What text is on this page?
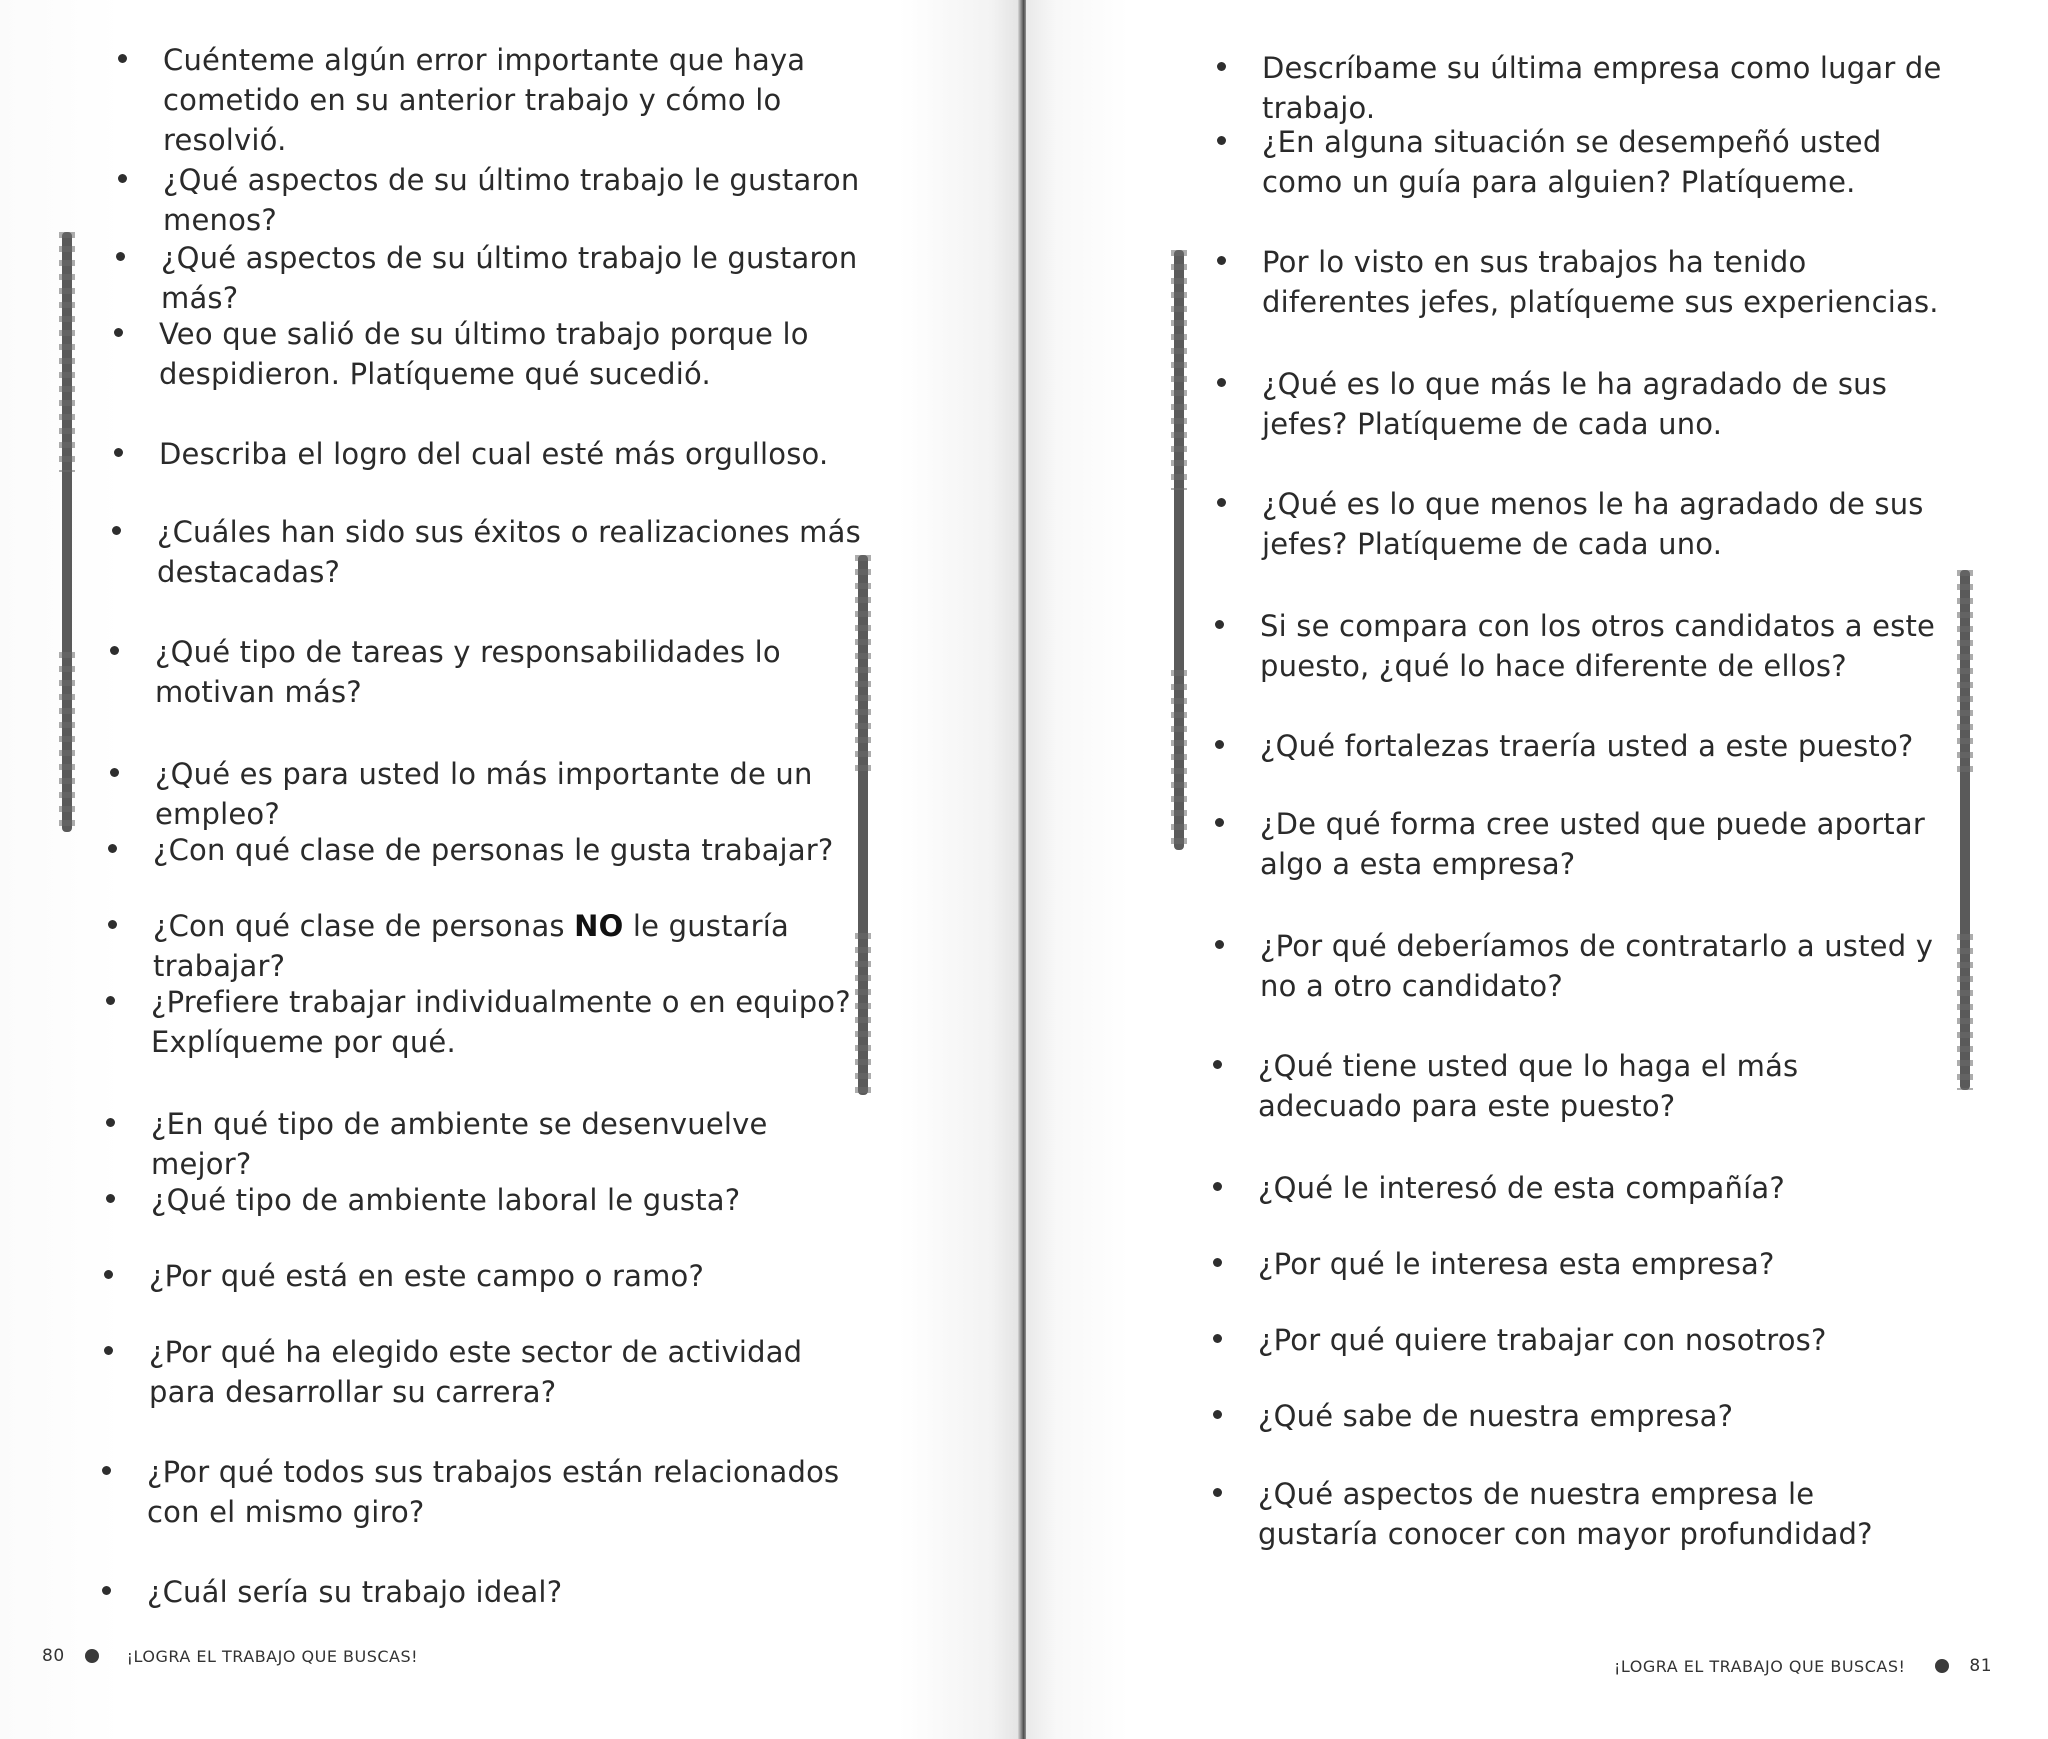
Cuénteme algún error importante que haya cometido en su anterior trabajo y cómo lo resolvió.
¿Qué aspectos de su último trabajo le gustaron menos?
¿Qué aspectos de su último trabajo le gustaron más?
Veo que salió de su último trabajo porque lo despidieron. Platíqueme qué sucedió.
Describa el logro del cual esté más orgulloso.
¿Cuáles han sido sus éxitos o realizaciones más destacadas?
¿Qué tipo de tareas y responsabilidades lo motivan más?
¿Qué es para usted lo más importante de un empleo?
¿Con qué clase de personas le gusta trabajar?
¿Con qué clase de personas NO le gustaría trabajar?
¿Prefiere trabajar individualmente o en equipo? Explíqueme por qué.
¿En qué tipo de ambiente se desenvuelve mejor?
¿Qué tipo de ambiente laboral le gusta?
¿Por qué está en este campo o ramo?
¿Por qué ha elegido este sector de actividad para desarrollar su carrera?
¿Por qué todos sus trabajos están relacionados con el mismo giro?
¿Cuál sería su trabajo ideal?
80	¡LOGRA EL TRABAJO QUE BUSCAS!
Descríbame su última empresa como lugar de trabajo.
¿En alguna situación se desempeñó usted como un guía para alguien? Platíqueme.
Por lo visto en sus trabajos ha tenido diferentes jefes, platíqueme sus experiencias.
¿Qué es lo que más le ha agradado de sus jefes? Platíqueme de cada uno.
¿Qué es lo que menos le ha agradado de sus jefes? Platíqueme de cada uno.
Si se compara con los otros candidatos a este puesto, ¿qué lo hace diferente de ellos?
¿Qué fortalezas traería usted a este puesto?
¿De qué forma cree usted que puede aportar algo a esta empresa?
¿Por qué deberíamos de contratarlo a usted y no a otro candidato?
¿Qué tiene usted que lo haga el más adecuado para este puesto?
¿Qué le interesó de esta compañía?
¿Por qué le interesa esta empresa?
¿Por qué quiere trabajar con nosotros?
¿Qué sabe de nuestra empresa?
¿Qué aspectos de nuestra empresa le gustaría conocer con mayor profundidad?
¡LOGRA EL TRABAJO QUE BUSCAS!	81
